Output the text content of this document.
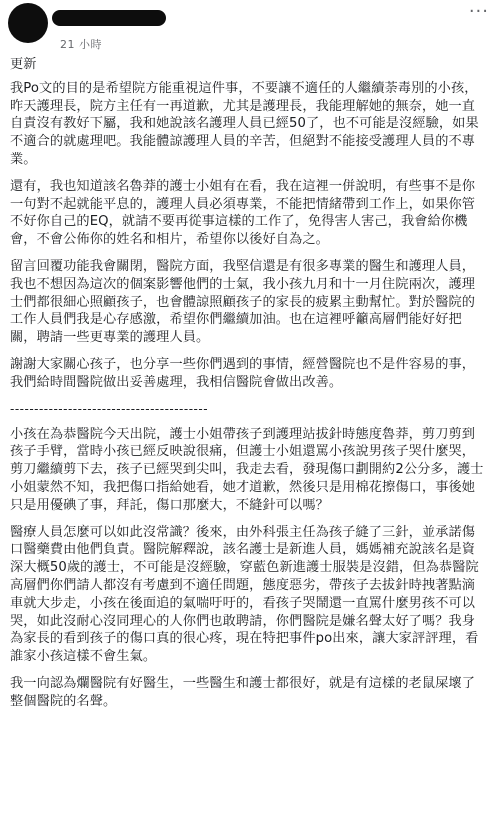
21 小時
···

更新

我Po文的目的是希望院方能重視這件事，不要讓不適任的人繼續荼毒別的小孩，昨天護理長，院方主任有一再道歉，尤其是護理長，我能理解她的無奈，她一直自責沒有教好下屬，我和她說該名護理人員已經50了，也不可能是沒經驗，如果不適合的就處理吧。我能體諒護理人員的辛苦，但絕對不能接受護理人員的不專業。

還有，我也知道該名魯莽的護士小姐有在看，我在這裡一併說明，有些事不是你一句對不起就能平息的，護理人員必須專業，不能把情緒帶到工作上，如果你管不好你自己的EQ，就請不要再從事這樣的工作了，免得害人害己，我會給你機會，不會公佈你的姓名和相片，希望你以後好自為之。

留言回覆功能我會關閉，醫院方面，我堅信還是有很多專業的醫生和護理人員，我也不想因為這次的個案影響他們的士氣，我小孩九月和十一月住院兩次，護理士們都很細心照顧孩子，也會體諒照顧孩子的家長的疲累主動幫忙。對於醫院的工作人員們我是心存感激，希望你們繼續加油。也在這裡呼籲高層們能好好把關，聘請一些更專業的護理人員。

謝謝大家關心孩子，也分享一些你們遇到的事情，經營醫院也不是件容易的事，我們給時間醫院做出妥善處理，我相信醫院會做出改善。

-----------------------------------------

小孩在為恭醫院今天出院，護士小姐帶孩子到護理站拔針時態度魯莽，剪刀剪到孩子手臂，當時小孩已經反映說很痛，但護士小姐還罵小孩說男孩子哭什麼哭，剪刀繼續剪下去，孩子已經哭到尖叫，我走去看，發現傷口劃開約2公分多，護士小姐蒙然不知，我把傷口指給她看，她才道歉，然後只是用棉花擦傷口，事後她只是用優碘了事，拜託，傷口那麼大，不縫針可以嗎？

醫療人員怎麼可以如此沒常識？後來，由外科張主任為孩子縫了三針，並承諾傷口醫藥費由他們負責。醫院解釋說，該名護士是新進人員，媽媽補充說該名是資深大概50歲的護士，不可能是沒經驗，穿藍色新進護士服裝是沒錯，但為恭醫院高層們你們請人都沒有考慮到不適任問題，態度惡劣，帶孩子去拔針時拽著點滴車就大步走，小孩在後面追的氣喘吁吁的，看孩子哭鬧還一直罵什麼男孩不可以哭，如此沒耐心沒同理心的人你們也敢聘請，你們醫院是嫌名聲太好了嗎？我身為家長的看到孩子的傷口真的很心疼，現在特把事件po出來，讓大家評評理，看誰家小孩這樣不會生氣。

我一向認為爛醫院有好醫生，一些醫生和護士都很好，就是有這樣的老鼠屎壞了整個醫院的名聲。
